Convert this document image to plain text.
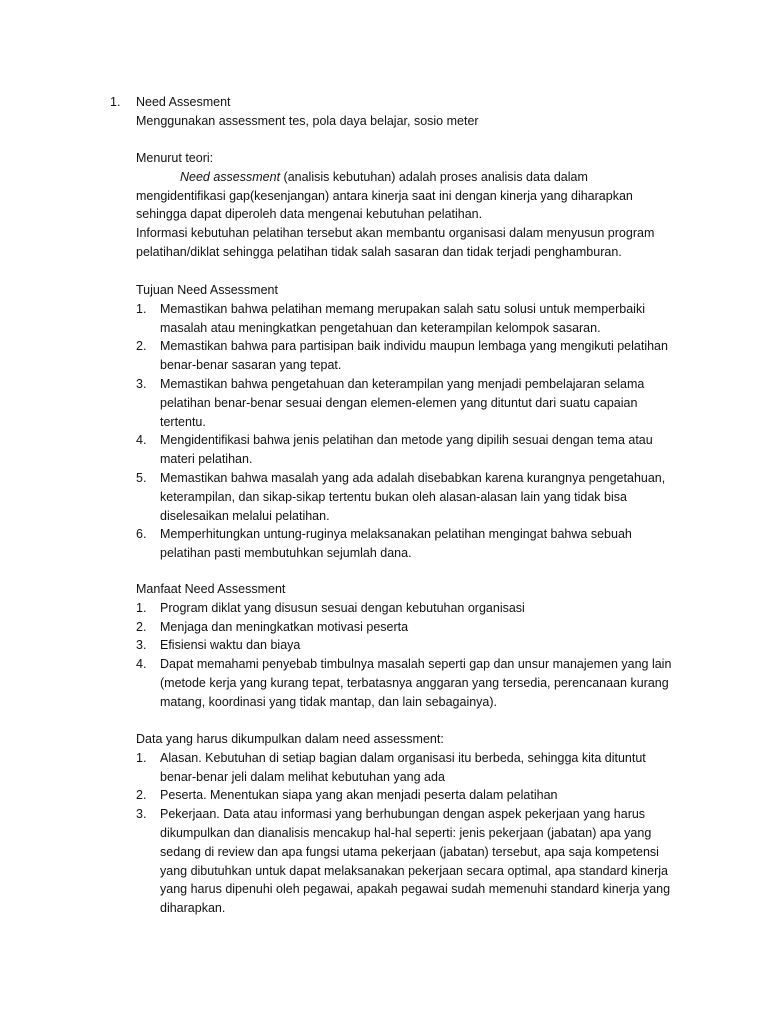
1. Need Assesment
Menggunakan assessment tes, pola daya belajar, sosio meter

Menurut teori:

Need assessment (analisis kebutuhan) adalah proses analisis data dalam

mengidentifikasi gap(kesenjangan) antara kinerja saat ini dengan kinerja yang diharapkan

sehingga dapat diperoleh data mengenai kebutuhan pelatihan.

Informasi kebutuhan pelatihan tersebut akan membantu organisasi dalam menyusun program

pelatihan/diklat sehingga pelatihan tidak salah sasaran dan tidak terjadi penghamburan.

Tujuan Need Assessment

1. Memastikan bahwa pelatihan memang merupakan salah satu solusi untuk memperbaiki
masalah atau meningkatkan pengetahuan dan keterampilan kelompok sasaran.
2. Memastikan bahwa para partisipan baik individu maupun lembaga yang mengikuti pelatihan
benar-benar sasaran yang tepat.
3. Memastikan bahwa pengetahuan dan keterampilan yang menjadi pembelajaran selama
pelatihan benar-benar sesuai dengan elemen-elemen yang dituntut dari suatu capaian
tertentu.
4. Mengidentifikasi bahwa jenis pelatihan dan metode yang dipilih sesuai dengan tema atau
materi pelatihan.
5. Memastikan bahwa masalah yang ada adalah disebabkan karena kurangnya pengetahuan,
keterampilan, dan sikap-sikap tertentu bukan oleh alasan-alasan lain yang tidak bisa
diselesaikan melalui pelatihan.
6. Memperhitungkan untung-ruginya melaksanakan pelatihan mengingat bahwa sebuah
pelatihan pasti membutuhkan sejumlah dana.

Manfaat Need Assessment

1. Program diklat yang disusun sesuai dengan kebutuhan organisasi
2. Menjaga dan meningkatkan motivasi peserta
3. Efisiensi waktu dan biaya
4. Dapat memahami penyebab timbulnya masalah seperti gap dan unsur manajemen yang lain
(metode kerja yang kurang tepat, terbatasnya anggaran yang tersedia, perencanaan kurang
matang, koordinasi yang tidak mantap, dan lain sebagainya).

Data yang harus dikumpulkan dalam need assessment:

1. Alasan. Kebutuhan di setiap bagian dalam organisasi itu berbeda, sehingga kita dituntut
benar-benar jeli dalam melihat kebutuhan yang ada
2. Peserta. Menentukan siapa yang akan menjadi peserta dalam pelatihan
3. Pekerjaan. Data atau informasi yang berhubungan dengan aspek pekerjaan yang harus
dikumpulkan dan dianalisis mencakup hal-hal seperti: jenis pekerjaan (jabatan) apa yang
sedang di review dan apa fungsi utama pekerjaan (jabatan) tersebut, apa saja kompetensi
yang dibutuhkan untuk dapat melaksanakan pekerjaan secara optimal, apa standard kinerja
yang harus dipenuhi oleh pegawai, apakah pegawai sudah memenuhi standard kinerja yang
diharapkan.
